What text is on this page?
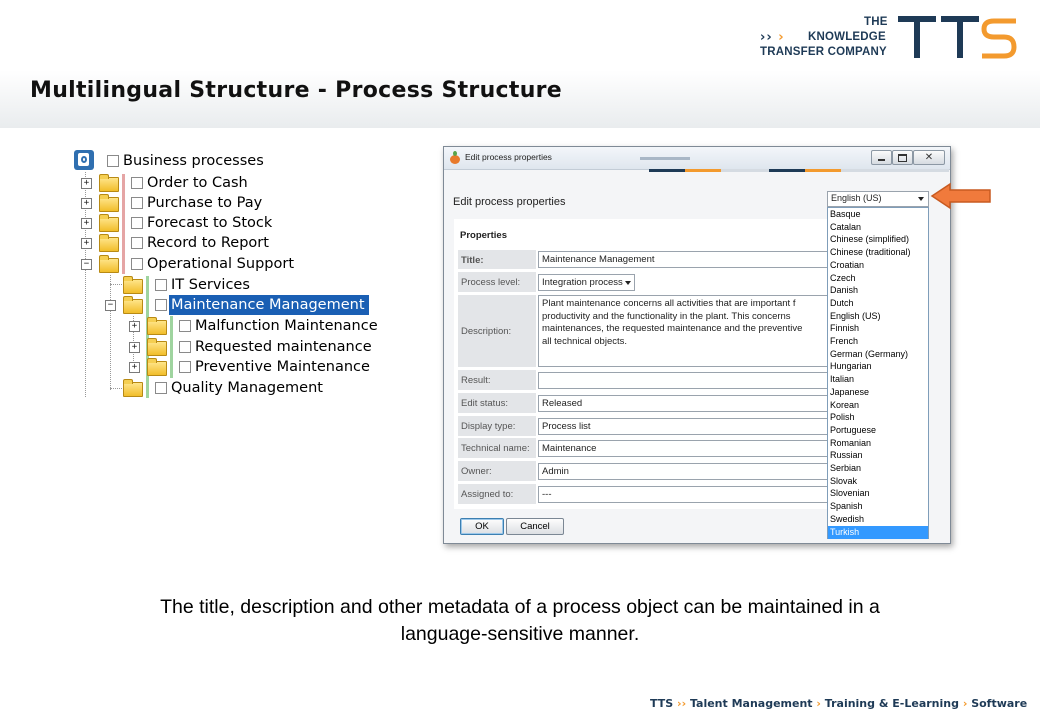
›› ›
THE
KNOWLEDGE
TRANSFER COMPANY
Multilingual Structure - Process Structure
Business processes
+	Order to Cash
+	Purchase to Pay
+	Forecast to Stock
+	Record to Report
−	Operational Support
IT Services
−	Maintenance Management
+	Malfunction Maintenance
+	Requested maintenance
+	Preventive Maintenance
Quality Management
Edit process properties	✕
Edit process properties	English (US)
Properties
Title:	Maintenance Management
Process level: Integration process
Description:
Plant maintenance concerns all activities that are important f
productivity and the functionality in the plant. This concerns
maintenances, the requested maintenance and the preventive
all technical objects.
Result:
Edit status:	Released
Display type:	Process list
Technical name: Maintenance
Owner:	Admin
Assigned to:	---
OK	Cancel
Basque
Catalan
Chinese (simplified)
Chinese (traditional)
Croatian
Czech
Danish
Dutch
English (US)
Finnish
French
German (Germany)
Hungarian
Italian
Japanese
Korean
Polish
Portuguese
Romanian
Russian
Serbian
Slovak
Slovenian
Spanish
Swedish
Turkish
The title, description and other metadata of a process object can be maintained in a
language-sensitive manner.
TTS ›› Talent Management › Training & E-Learning › Software
